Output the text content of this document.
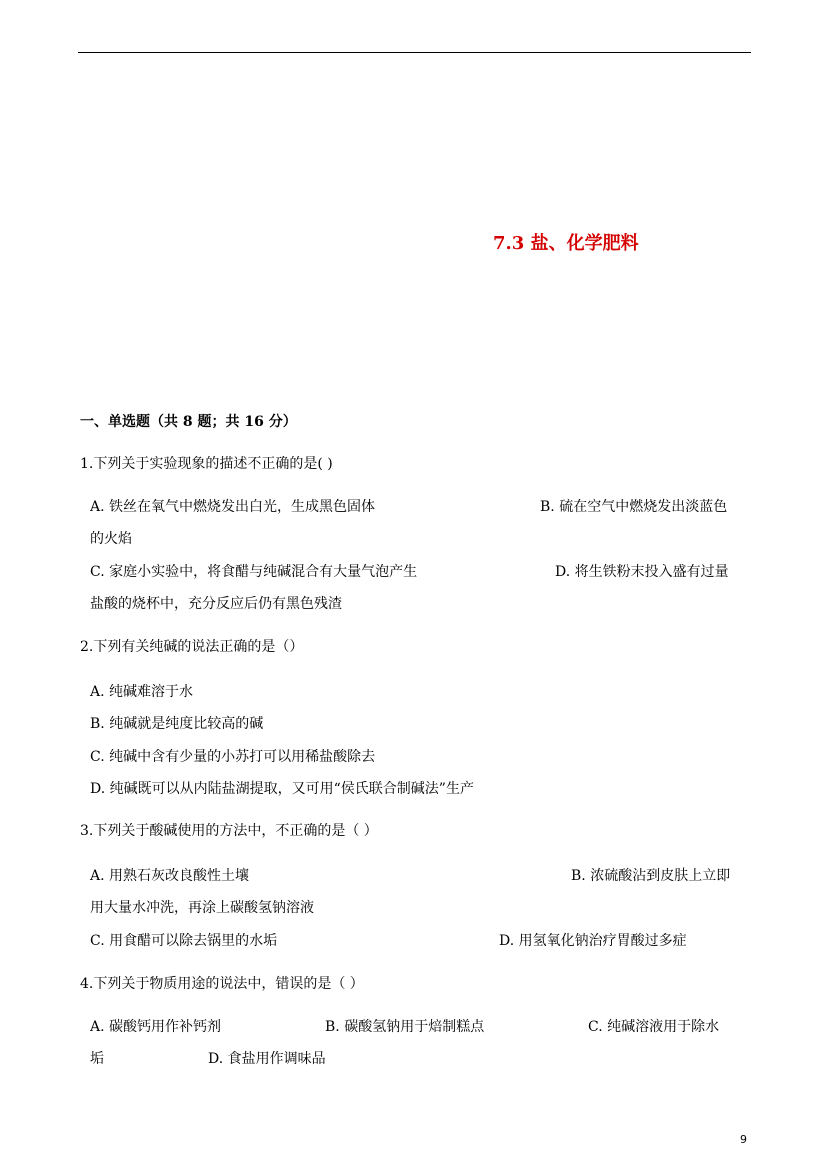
7.3 盐、化学肥料
一、单选题（共 8 题；共 16 分）
1.下列关于实验现象的描述不正确的是( )
A. 铁丝在氧气中燃烧发出白光，生成黑色固体	B. 硫在空气中燃烧发出淡蓝色
的火焰
C. 家庭小实验中，将食醋与纯碱混合有大量气泡产生	D. 将生铁粉末投入盛有过量
盐酸的烧杯中，充分反应后仍有黑色残渣
2.下列有关纯碱的说法正确的是（）
A. 纯碱难溶于水
B. 纯碱就是纯度比较高的碱
C. 纯碱中含有少量的小苏打可以用稀盐酸除去
D. 纯碱既可以从内陆盐湖提取，又可用“侯氏联合制碱法”生产
3.下列关于酸碱使用的方法中，不正确的是（ ）
A. 用熟石灰改良酸性土壤	B. 浓硫酸沾到皮肤上立即
用大量水冲洗，再涂上碳酸氢钠溶液
C. 用食醋可以除去锅里的水垢	D. 用氢氧化钠治疗胃酸过多症
4.下列关于物质用途的说法中，错误的是（ ）
A. 碳酸钙用作补钙剂	B. 碳酸氢钠用于焙制糕点	C. 纯碱溶液用于除水
垢	D. 食盐用作调味品
9
